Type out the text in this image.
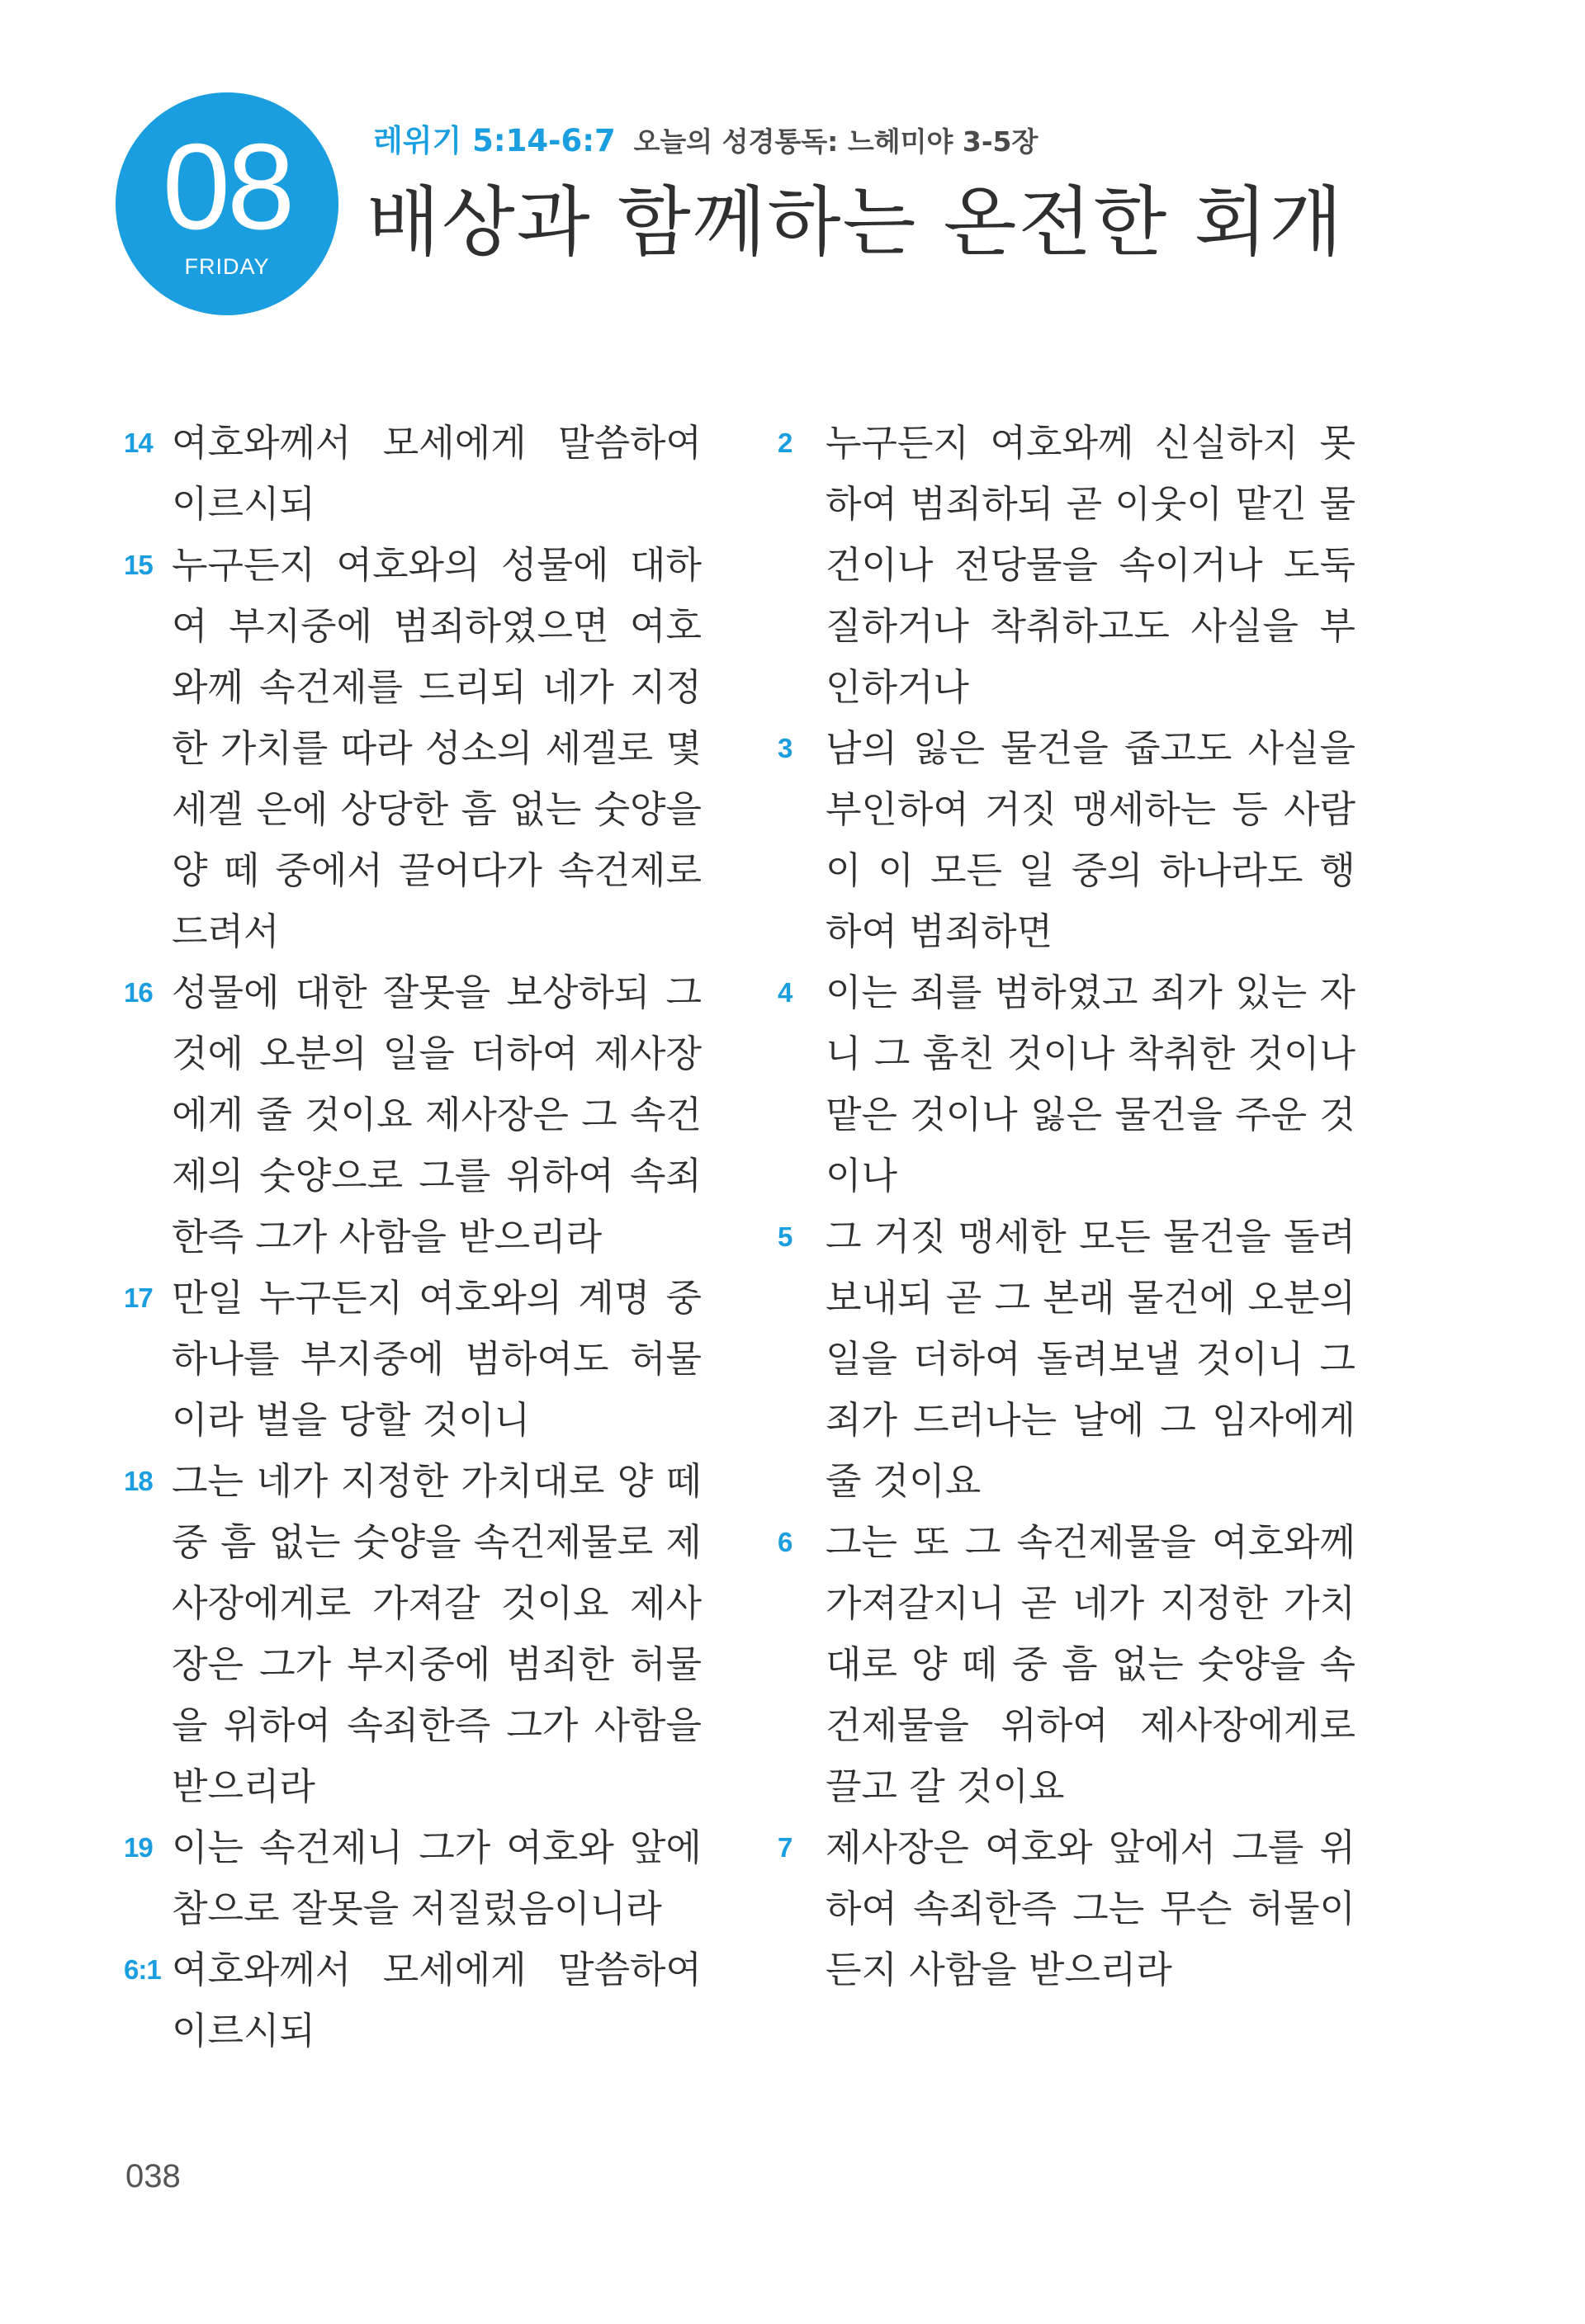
08
FRIDAY
레위기 5:14-6:7 오늘의 성경통독: 느헤미야 3-5장
배상과 함께하는 온전한 회개
14 여호와께서 모세에게 말씀하여 이르시되
15 누구든지 여호와의 성물에 대하여 부지중에 범죄하였으면 여호와께 속건제를 드리되 네가 지정한 가치를 따라 성소의 세겔로 몇 세겔 은에 상당한 흠 없는 숫양을 양 떼 중에서 끌어다가 속건제로 드려서
16 성물에 대한 잘못을 보상하되 그것에 오분의 일을 더하여 제사장에게 줄 것이요 제사장은 그 속건제의 숫양으로 그를 위하여 속죄한즉 그가 사함을 받으리라
17 만일 누구든지 여호와의 계명 중 하나를 부지중에 범하여도 허물이라 벌을 당할 것이니
18 그는 네가 지정한 가치대로 양 떼 중 흠 없는 숫양을 속건제물로 제사장에게로 가져갈 것이요 제사장은 그가 부지중에 범죄한 허물을 위하여 속죄한즉 그가 사함을 받으리라
19 이는 속건제니 그가 여호와 앞에 참으로 잘못을 저질렀음이니라
6:1 여호와께서 모세에게 말씀하여 이르시되
2 누구든지 여호와께 신실하지 못하여 범죄하되 곧 이웃이 맡긴 물건이나 전당물을 속이거나 도둑질하거나 착취하고도 사실을 부인하거나
3 남의 잃은 물건을 줍고도 사실을 부인하여 거짓 맹세하는 등 사람이 이 모든 일 중의 하나라도 행하여 범죄하면
4 이는 죄를 범하였고 죄가 있는 자니 그 훔친 것이나 착취한 것이나 맡은 것이나 잃은 물건을 주운 것이나
5 그 거짓 맹세한 모든 물건을 돌려보내되 곧 그 본래 물건에 오분의 일을 더하여 돌려보낼 것이니 그 죄가 드러나는 날에 그 임자에게 줄 것이요
6 그는 또 그 속건제물을 여호와께 가져갈지니 곧 네가 지정한 가치대로 양 떼 중 흠 없는 숫양을 속건제물을 위하여 제사장에게로 끌고 갈 것이요
7 제사장은 여호와 앞에서 그를 위하여 속죄한즉 그는 무슨 허물이든지 사함을 받으리라
038
